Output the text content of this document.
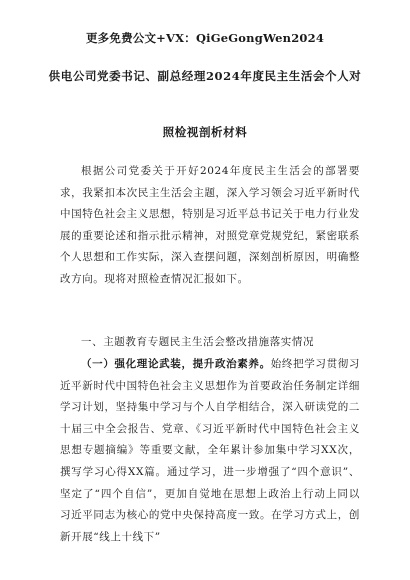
更多免费公文+VX：QiGeGongWen2024
供电公司党委书记、副总经理2024年度民主生活会个人对
照检视剖析材料
根据公司党委关于开好2024年度民主生活会的部署要求，我紧扣本次民主生活会主题，深入学习领会习近平新时代中国特色社会主义思想，特别是习近平总书记关于电力行业发展的重要论述和指示批示精神，对照党章党规党纪，紧密联系个人思想和工作实际，深入查摆问题，深刻剖析原因，明确整改方向。现将对照检查情况汇报如下。
一、主题教育专题民主生活会整改措施落实情况
（一）强化理论武装，提升政治素养。始终把学习贯彻习近平新时代中国特色社会主义思想作为首要政治任务制定详细学习计划，坚持集中学习与个人自学相结合，深入研读党的二十届三中全会报告、党章、《习近平新时代中国特色社会主义思想专题摘编》等重要文献，全年累计参加集中学习XX次，撰写学习心得XX篇。通过学习，进一步增强了“四个意识”、坚定了“四个自信”，更加自觉地在思想上政治上行动上同以习近平同志为核心的党中央保持高度一致。在学习方式上，创新开展“线上十线下”
